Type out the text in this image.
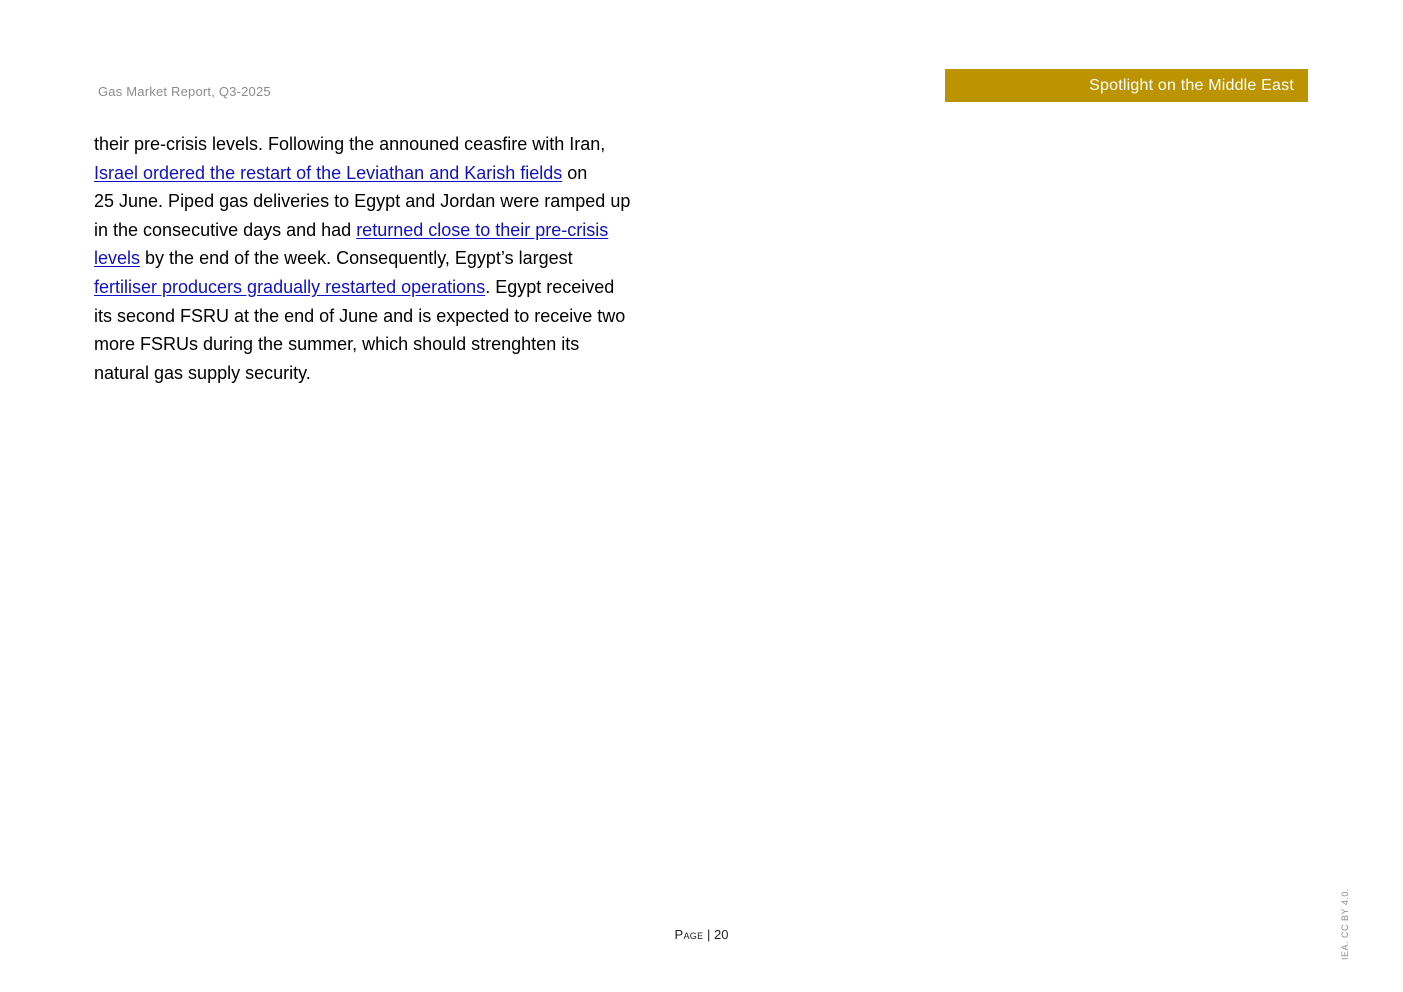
Gas Market Report, Q3-2025	Spotlight on the Middle East
their pre-crisis levels. Following the announed ceasfire with Iran,
Israel ordered the restart of the Leviathan and Karish fields on
25 June. Piped gas deliveries to Egypt and Jordan were ramped up
in the consecutive days and had returned close to their pre-crisis
levels by the end of the week. Consequently, Egypt’s largest
fertiliser producers gradually restarted operations. Egypt received
its second FSRU at the end of June and is expected to receive two
more FSRUs during the summer, which should strenghten its
natural gas supply security.
Page | 20	IEA. CC BY 4.0.
